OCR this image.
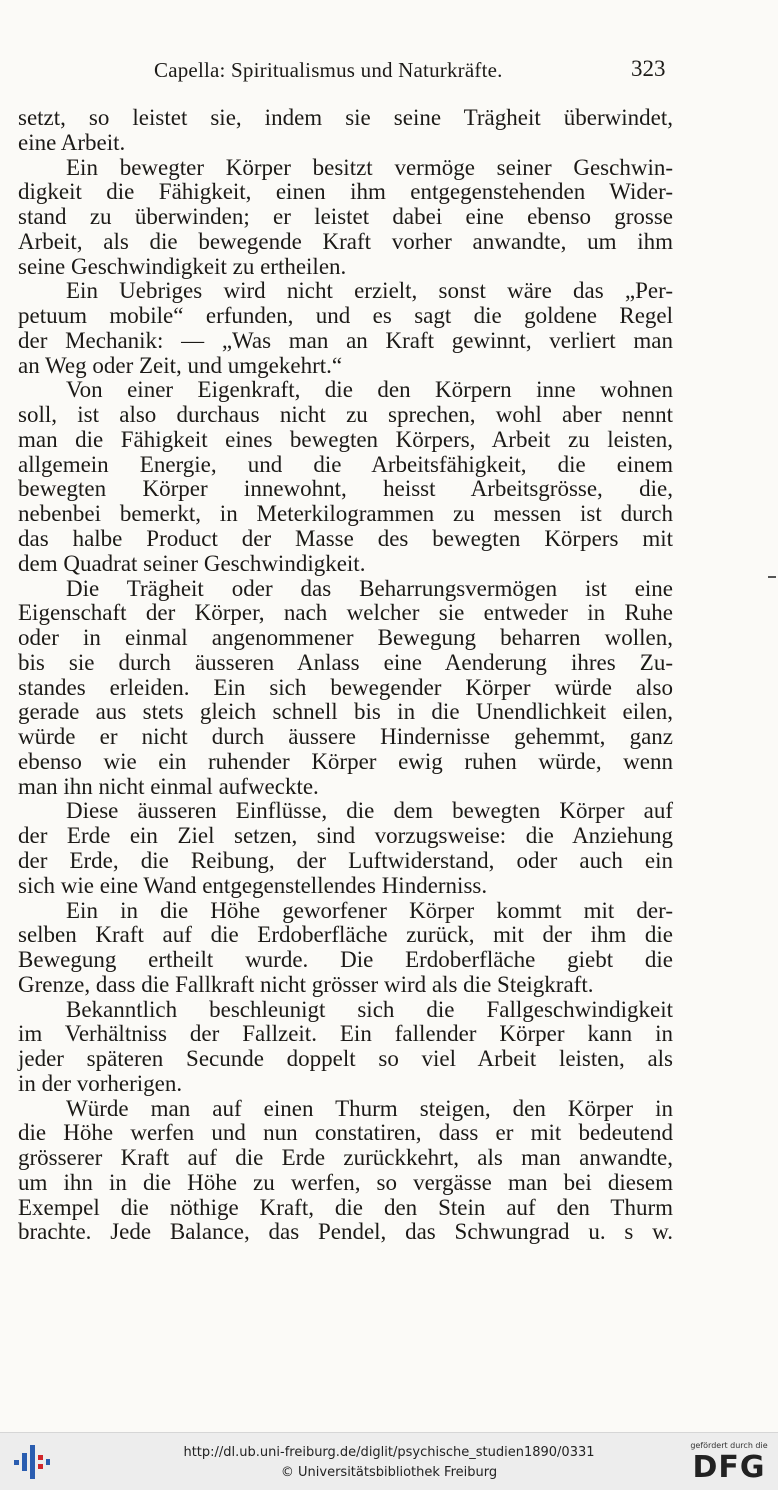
Capella: Spiritualismus und Naturkräfte.	323
setzt, so leistet sie, indem sie seine Trägheit überwindet,
eine Arbeit.
Ein bewegter Körper besitzt vermöge seiner Geschwin-
digkeit die Fähigkeit, einen ihm entgegenstehenden Wider-
stand zu überwinden; er leistet dabei eine ebenso grosse
Arbeit, als die bewegende Kraft vorher anwandte, um ihm
seine Geschwindigkeit zu ertheilen.
Ein Uebriges wird nicht erzielt, sonst wäre das „Per-
petuum mobile“ erfunden, und es sagt die goldene Regel
der Mechanik: — „Was man an Kraft gewinnt, verliert man
an Weg oder Zeit, und umgekehrt.“
Von einer Eigenkraft, die den Körpern inne wohnen
soll, ist also durchaus nicht zu sprechen, wohl aber nennt
man die Fähigkeit eines bewegten Körpers, Arbeit zu leisten,
allgemein Energie, und die Arbeitsfähigkeit, die einem
bewegten Körper innewohnt, heisst Arbeitsgrösse, die,
nebenbei bemerkt, in Meterkilogrammen zu messen ist durch
das halbe Product der Masse des bewegten Körpers mit
dem Quadrat seiner Geschwindigkeit.
Die Trägheit oder das Beharrungsvermögen ist eine
Eigenschaft der Körper, nach welcher sie entweder in Ruhe
oder in einmal angenommener Bewegung beharren wollen,
bis sie durch äusseren Anlass eine Aenderung ihres Zu-
standes erleiden. Ein sich bewegender Körper würde also
gerade aus stets gleich schnell bis in die Unendlichkeit eilen,
würde er nicht durch äussere Hindernisse gehemmt, ganz
ebenso wie ein ruhender Körper ewig ruhen würde, wenn
man ihn nicht einmal aufweckte.
Diese äusseren Einflüsse, die dem bewegten Körper auf
der Erde ein Ziel setzen, sind vorzugsweise: die Anziehung
der Erde, die Reibung, der Luftwiderstand, oder auch ein
sich wie eine Wand entgegenstellendes Hinderniss.
Ein in die Höhe geworfener Körper kommt mit der-
selben Kraft auf die Erdoberfläche zurück, mit der ihm die
Bewegung ertheilt wurde. Die Erdoberfläche giebt die
Grenze, dass die Fallkraft nicht grösser wird als die Steigkraft.
Bekanntlich beschleunigt sich die Fallgeschwindigkeit
im Verhältniss der Fallzeit. Ein fallender Körper kann in
jeder späteren Secunde doppelt so viel Arbeit leisten, als
in der vorherigen.
Würde man auf einen Thurm steigen, den Körper in
die Höhe werfen und nun constatiren, dass er mit bedeutend
grösserer Kraft auf die Erde zurückkehrt, als man anwandte,
um ihn in die Höhe zu werfen, so vergässe man bei diesem
Exempel die nöthige Kraft, die den Stein auf den Thurm
brachte. Jede Balance, das Pendel, das Schwungrad u. s w.
http://dl.ub.uni-freiburg.de/diglit/psychische_studien1890/0331
© Universitätsbibliothek Freiburg
gefördert durch die
DFG
